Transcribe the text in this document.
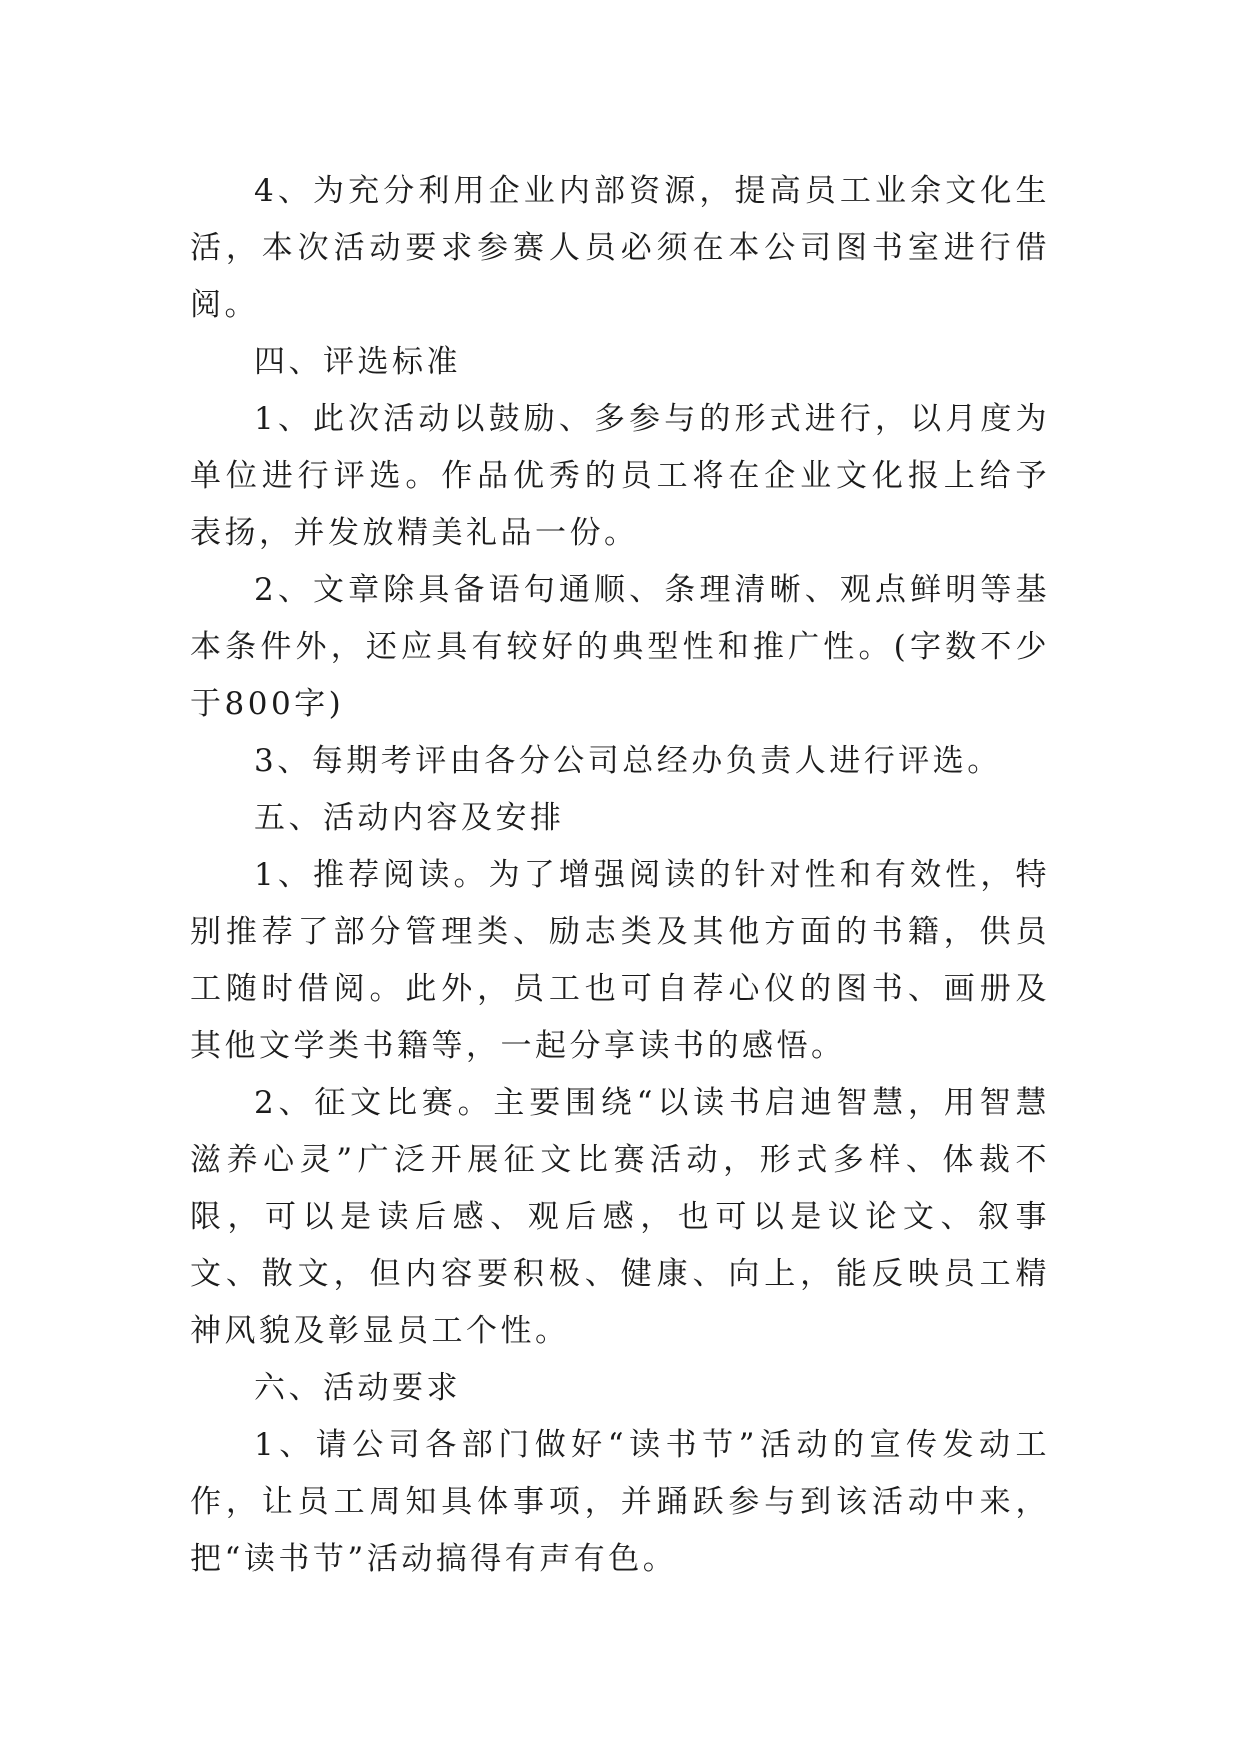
4、为充分利用企业内部资源，提高员工业余文化生活，本次活动要求参赛人员必须在本公司图书室进行借阅。

四、评选标准

1、此次活动以鼓励、多参与的形式进行，以月度为单位进行评选。作品优秀的员工将在企业文化报上给予表扬，并发放精美礼品一份。

2、文章除具备语句通顺、条理清晰、观点鲜明等基本条件外，还应具有较好的典型性和推广性。(字数不少于800字)

3、每期考评由各分公司总经办负责人进行评选。

五、活动内容及安排

1、推荐阅读。为了增强阅读的针对性和有效性，特别推荐了部分管理类、励志类及其他方面的书籍，供员工随时借阅。此外，员工也可自荐心仪的图书、画册及其他文学类书籍等，一起分享读书的感悟。

2、征文比赛。主要围绕“以读书启迪智慧，用智慧滋养心灵”广泛开展征文比赛活动，形式多样、体裁不限，可以是读后感、观后感，也可以是议论文、叙事文、散文，但内容要积极、健康、向上，能反映员工精神风貌及彰显员工个性。

六、活动要求

1、请公司各部门做好“读书节”活动的宣传发动工作，让员工周知具体事项，并踊跃参与到该活动中来，把“读书节”活动搞得有声有色。
